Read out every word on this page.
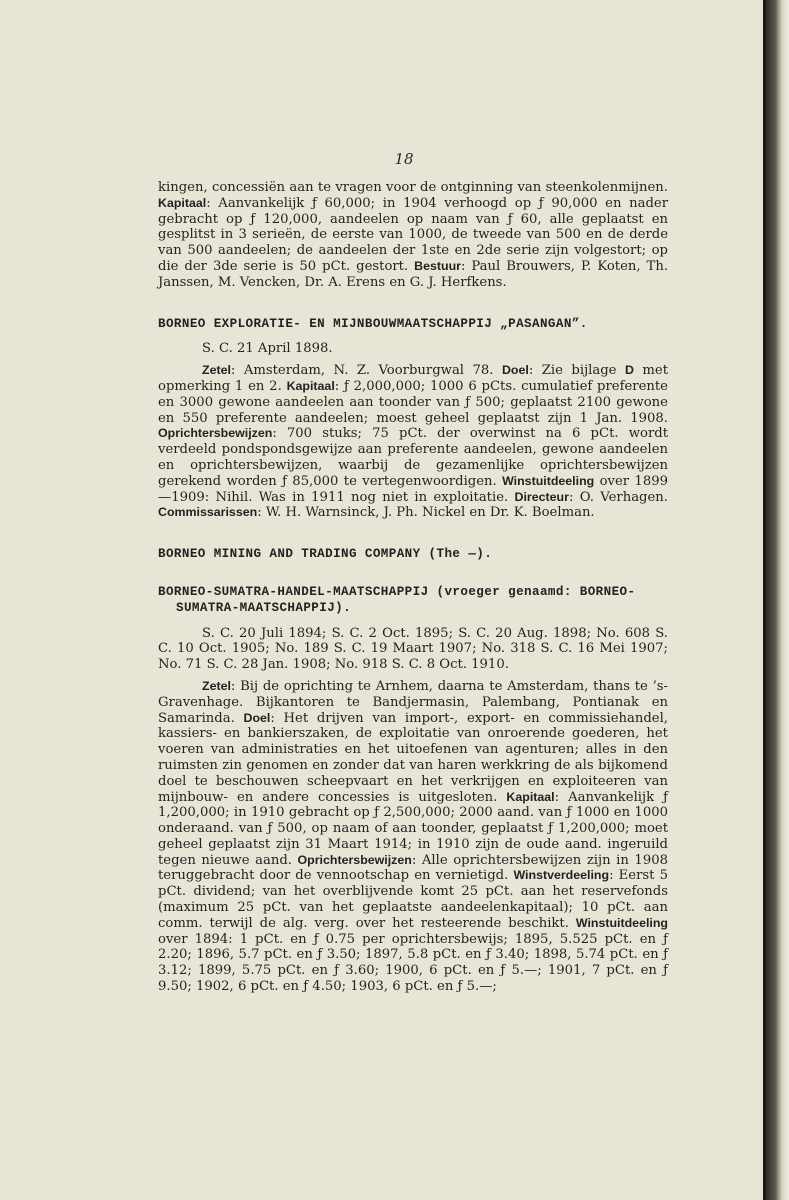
18

kingen, concessiën aan te vragen voor de ontginning van steenkolenmijnen. Kapitaal: Aanvankelijk ƒ 60,000; in 1904 verhoogd op ƒ 90,000 en nader gebracht op ƒ 120,000, aandeelen op naam van ƒ 60, alle geplaatst en gesplitst in 3 serieën, de eerste van 1000, de tweede van 500 en de derde van 500 aandeelen; de aandeelen der 1ste en 2de serie zijn volgestort; op die der 3de serie is 50 pCt. gestort. Bestuur: Paul Brouwers, P. Koten, Th. Janssen, M. Vencken, Dr. A. Erens en G. J. Herfkens.

BORNEO EXPLORATIE- EN MIJNBOUWMAATSCHAPPIJ „PASANGAN”.

S. C. 21 April 1898.

Zetel: Amsterdam, N. Z. Voorburgwal 78. Doel: Zie bijlage D met opmerking 1 en 2. Kapitaal: ƒ 2,000,000; 1000 6 pCts. cumulatief preferente en 3000 gewone aandeelen aan toonder van ƒ 500; geplaatst 2100 gewone en 550 preferente aandeelen; moest geheel geplaatst zijn 1 Jan. 1908. Oprichtersbewijzen: 700 stuks; 75 pCt. der overwinst na 6 pCt. wordt verdeeld pondspondsgewijze aan preferente aandeelen, gewone aandeelen en oprichtersbewijzen, waarbij de gezamenlijke oprichtersbewijzen gerekend worden ƒ 85,000 te vertegenwoordigen. Winstuitdeeling over 1899—1909: Nihil. Was in 1911 nog niet in exploitatie. Directeur: O. Verhagen. Commissarissen: W. H. Warnsinck, J. Ph. Nickel en Dr. K. Boelman.

BORNEO MINING AND TRADING COMPANY (The —).

BORNEO-SUMATRA-HANDEL-MAATSCHAPPIJ (vroeger genaamd: BORNEO-SUMATRA-MAATSCHAPPIJ).

S. C. 20 Juli 1894; S. C. 2 Oct. 1895; S. C. 20 Aug. 1898; No. 608 S. C. 10 Oct. 1905; No. 189 S. C. 19 Maart 1907; No. 318 S. C. 16 Mei 1907; No. 71 S. C. 28 Jan. 1908; No. 918 S. C. 8 Oct. 1910.

Zetel: Bij de oprichting te Arnhem, daarna te Amsterdam, thans te ’s-Gravenhage. Bijkantoren te Bandjermasin, Palembang, Pontianak en Samarinda. Doel: Het drijven van import-, export- en commissiehandel, kassiers- en bankierszaken, de exploitatie van onroerende goederen, het voeren van administraties en het uitoefenen van agenturen; alles in den ruimsten zin genomen en zonder dat van haren werkkring de als bijkomend doel te beschouwen scheepvaart en het verkrijgen en exploiteeren van mijnbouw- en andere concessies is uitgesloten. Kapitaal: Aanvankelijk ƒ 1,200,000; in 1910 gebracht op ƒ 2,500,000; 2000 aand. van ƒ 1000 en 1000 onderaand. van ƒ 500, op naam of aan toonder, geplaatst ƒ 1,200,000; moet geheel geplaatst zijn 31 Maart 1914; in 1910 zijn de oude aand. ingeruild tegen nieuwe aand. Oprichtersbewijzen: Alle oprichtersbewijzen zijn in 1908 teruggebracht door de vennootschap en vernietigd. Winstverdeeling: Eerst 5 pCt. dividend; van het overblijvende komt 25 pCt. aan het reservefonds (maximum 25 pCt. van het geplaatste aandeelenkapitaal); 10 pCt. aan comm. terwijl de alg. verg. over het resteerende beschikt. Winstuitdeeling over 1894: 1 pCt. en ƒ 0.75 per oprichtersbewijs; 1895, 5.525 pCt. en ƒ 2.20; 1896, 5.7 pCt. en ƒ 3.50; 1897, 5.8 pCt. en ƒ 3.40; 1898, 5.74 pCt. en ƒ 3.12; 1899, 5.75 pCt. en ƒ 3.60; 1900, 6 pCt. en ƒ 5.—; 1901, 7 pCt. en ƒ 9.50; 1902, 6 pCt. en ƒ 4.50; 1903, 6 pCt. en ƒ 5.—;
